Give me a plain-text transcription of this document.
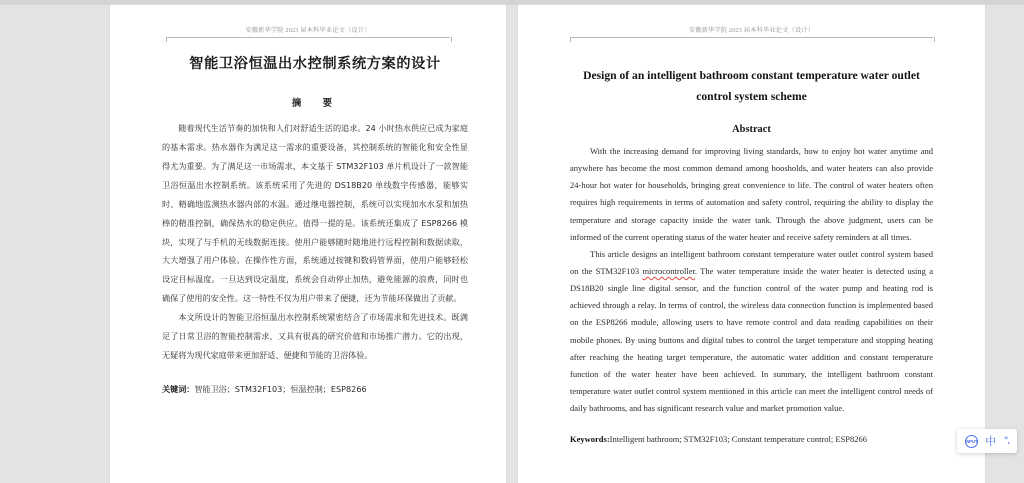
安徽新华学院 2023 届本科毕业论文（设计）
智能卫浴恒温出水控制系统方案的设计
摘　要

随着现代生活节奏的加快和人们对舒适生活的追求。24 小时热水供应已成为家庭的基本需求。热水器作为满足这一需求的重要设备，其控制系统的智能化和安全性显得尤为重要。为了满足这一市场需求，本文基于 STM32F103 单片机设计了一款智能卫浴恒温出水控制系统。该系统采用了先进的 DS18B20 单线数字传感器，能够实时、精确地监测热水器内部的水温。通过继电器控制，系统可以实现加水水泵和加热棒的精准控制，确保热水的稳定供应。值得一提的是。该系统还集成了 ESP8266 模块，实现了与手机的无线数据连接。使用户能够随时随地进行远程控制和数据读取，大大增强了用户体验。在操作性方面，系统通过按键和数码管界面，使用户能够轻松设定目标温度。一旦达到设定温度，系统会自动停止加热，避免能源的浪费，同时也确保了使用的安全性。这一特性不仅为用户带来了便捷，还为节能环保做出了贡献。

本文所设计的智能卫浴恒温出水控制系统紧密结合了市场需求和先进技术。既满足了日常卫浴的智能控制需求，又具有很高的研究价值和市场推广潜力。它的出现，无疑将为现代家庭带来更加舒适、便捷和节能的卫浴体验。

关键词：智能卫浴；STM32F103；恒温控制；ESP8266
安徽新华学院 2023 届本科毕业论文（设计）
Design of an intelligent bathroom constant temperature water outlet control system scheme
Abstract

With the increasing demand for improving living standards, how to enjoy hot water anytime and anywhere has become the most common demand among hoosholds, and water heaters can also provide 24-hour hot water for households, bringing great convenience to life. The control of water heaters often requires high requirements in terms of automation and safety control, requiring the ability to display the temperature and storage capacity inside the water tank. Through the above judgment, users can be informed of the current operating status of the water heater and receive safety reminders at all times.

This article designs an intelligent bathroom constant temperature water outlet control system based on the STM32F103 microcontroller. The water temperature inside the water heater is detected using a DS18B20 single line digital sensor, and the function control of the water pump and heating rod is achieved through a relay. In terms of control, the wireless data connection function is implemented based on the ESP8266 module, allowing users to have remote control and data reading capabilities on their mobile phones. By using buttons and digital tubes to control the target temperature and stopping heating after reaching the heating target temperature, the automatic water addition and constant temperature function of the water heater have been achieved. In summary, the intelligent bathroom constant temperature water outlet control system mentioned in this article can meet the intelligent control needs of daily bathrooms, and has significant research value and market promotion value.

Keywords:Intelligent bathroom; STM32F103; Constant temperature control; ESP8266	INPUT 中 °,
